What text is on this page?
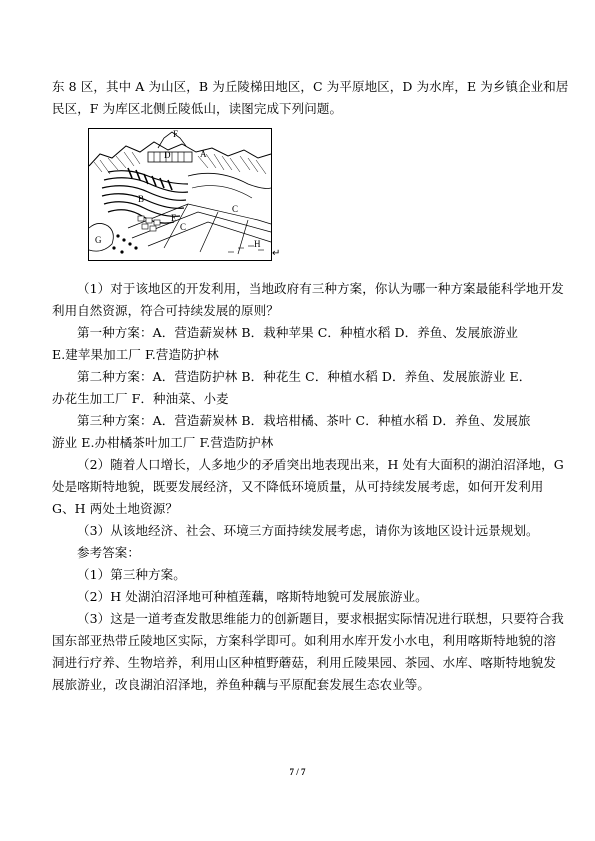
东 8 区，其中 A 为山区，B 为丘陵梯田地区，C 为平原地区，D 为水库，E 为乡镇企业和居
民区，F 为库区北侧丘陵低山，读图完成下列问题。
F
D	A
B
E
C
C
G	H
↵
（1）对于该地区的开发利用，当地政府有三种方案，你认为哪一种方案最能科学地开发
利用自然资源，符合可持续发展的原则？
第一种方案：A．营造薪炭林 B．栽种苹果 C．种植水稻 D．养鱼、发展旅游业
E.建苹果加工厂 F.营造防护林
第二种方案：A．营造防护林 B．种花生 C．种植水稻 D．养鱼、发展旅游业 E．
办花生加工厂 F．种油菜、小麦
第三种方案：A．营造薪炭林 B．栽培柑橘、茶叶 C．种植水稻 D．养鱼、发展旅
游业 E.办柑橘茶叶加工厂 F.营造防护林
（2）随着人口增长，人多地少的矛盾突出地表现出来，H 处有大面积的湖泊沼泽地，G
处是喀斯特地貌，既要发展经济，又不降低环境质量，从可持续发展考虑，如何开发利用
G、H 两处土地资源？
（3）从该地经济、社会、环境三方面持续发展考虑，请你为该地区设计远景规划。
参考答案：
（1）第三种方案。
（2）H 处湖泊沼泽地可种植莲藕，喀斯特地貌可发展旅游业。
（3）这是一道考查发散思维能力的创新题目，要求根据实际情况进行联想，只要符合我
国东部亚热带丘陵地区实际，方案科学即可。如利用水库开发小水电，利用喀斯特地貌的溶
洞进行疗养、生物培养，利用山区种植野蘑菇，利用丘陵果园、茶园、水库、喀斯特地貌发
展旅游业，改良湖泊沼泽地，养鱼种藕与平原配套发展生态农业等。
7 / 7
